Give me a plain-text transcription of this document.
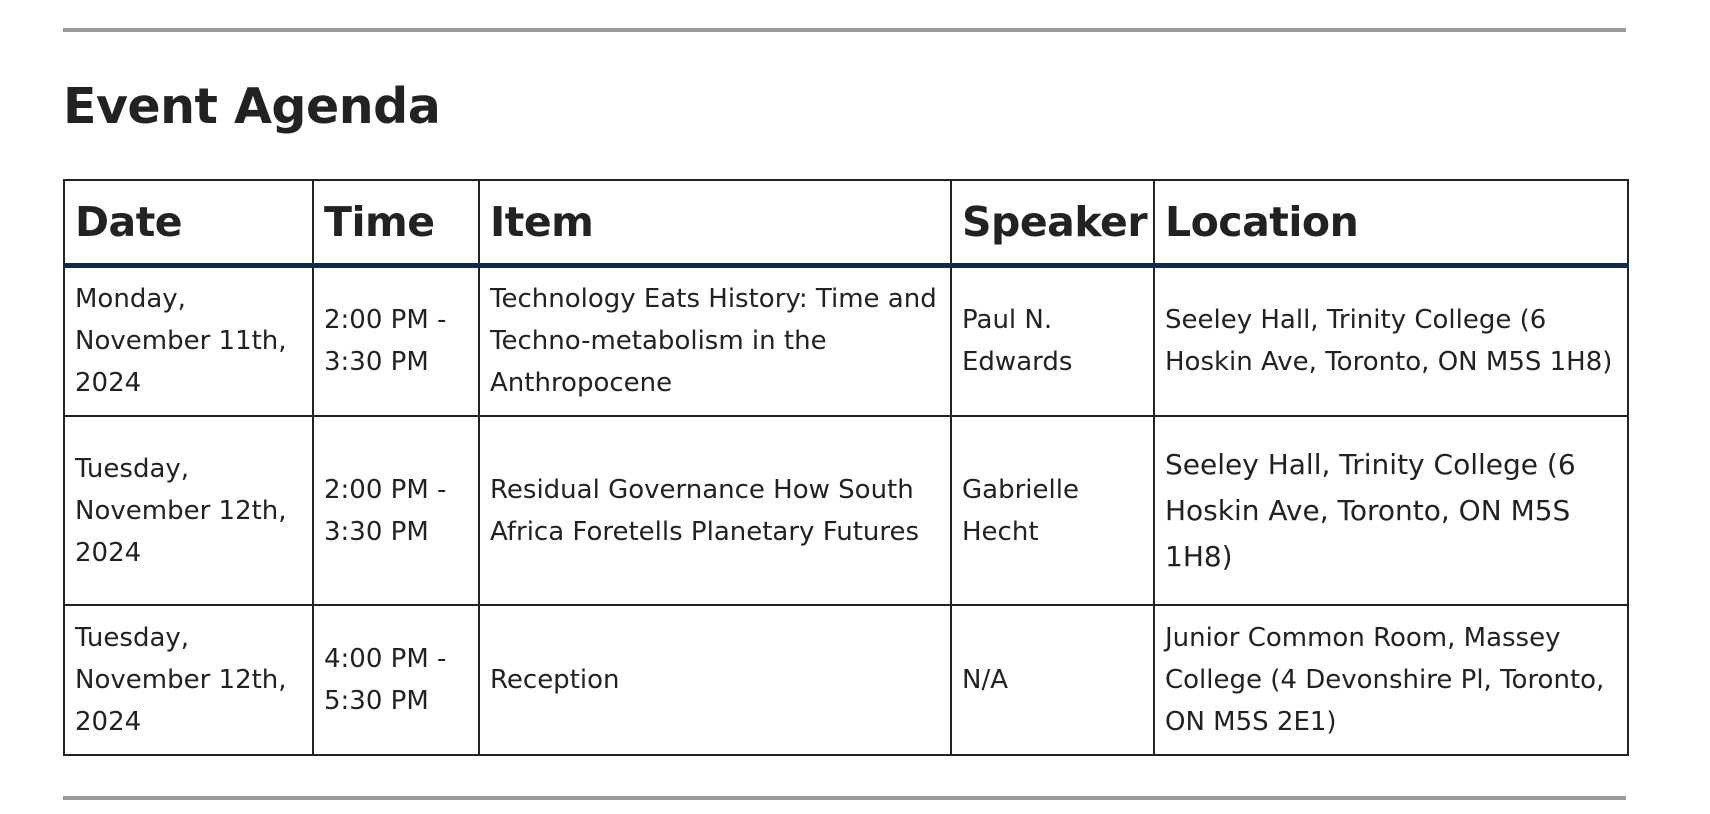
Event Agenda
Date	Time	Item	Speaker	Location
Monday, November 11th, 2024	2:00 PM - 3:30 PM	Technology Eats History: Time and Techno-metabolism in the Anthropocene	Paul N. Edwards	Seeley Hall, Trinity College (6 Hoskin Ave, Toronto, ON M5S 1H8)
Tuesday, November 12th, 2024	2:00 PM - 3:30 PM	Residual Governance How South Africa Foretells Planetary Futures	Gabrielle Hecht	Seeley Hall, Trinity College (6 Hoskin Ave, Toronto, ON M5S 1H8)
Tuesday, November 12th, 2024	4:00 PM - 5:30 PM	Reception	N/A	Junior Common Room, Massey College (4 Devonshire Pl, Toronto, ON M5S 2E1)
